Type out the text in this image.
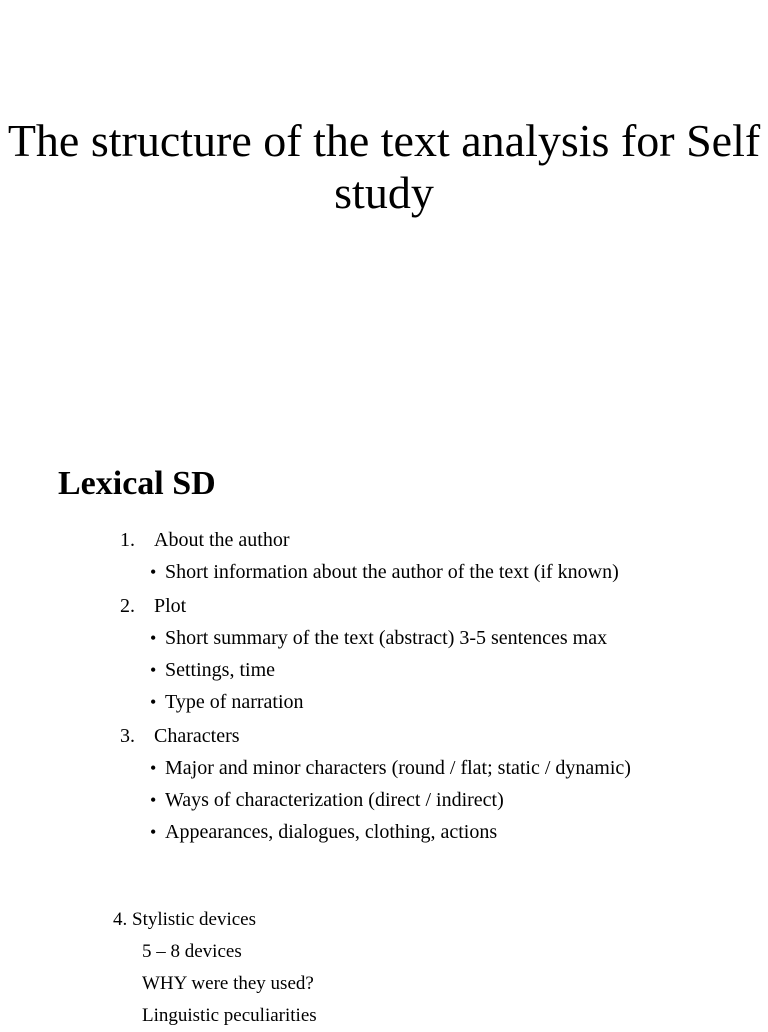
The structure of the text analysis for Self study
Lexical SD
1. About the author
• Short information about the author of the text (if known)
2. Plot
• Short summary of the text (abstract) 3-5 sentences max
• Settings, time
• Type of narration
3. Characters
• Major and minor characters (round / flat; static / dynamic)
• Ways of characterization (direct / indirect)
• Appearances, dialogues, clothing, actions
4. Stylistic devices
5 – 8 devices
WHY were they used?
Linguistic peculiarities
